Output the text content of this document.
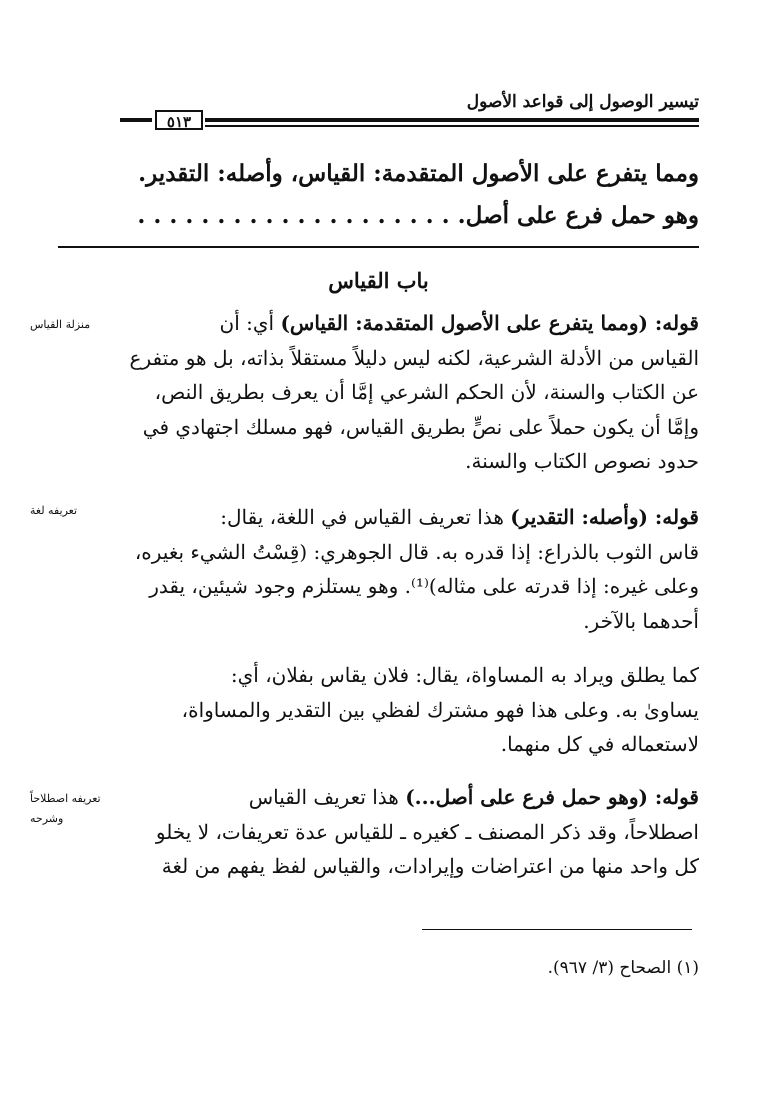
تيسير الوصول إلى قواعد الأصول
٥١٣
ومما يتفرع على الأصول المتقدمة: القياس، وأصله: التقدير.
وهو حمل فرع على أصل. . . . . . . . . . . . . . . . . . . . .
باب القياس
قوله: (ومما يتفرع على الأصول المتقدمة: القياس) أي: أن
القياس من الأدلة الشرعية، لكنه ليس دليلاً مستقلاً بذاته، بل هو متفرع
عن الكتاب والسنة، لأن الحكم الشرعي إمَّا أن يعرف بطريق النص،
وإمَّا أن يكون حملاً على نصٍّ بطريق القياس، فهو مسلك اجتهادي في
حدود نصوص الكتاب والسنة.
قوله: (وأصله: التقدير) هذا تعريف القياس في اللغة، يقال:
قاس الثوب بالذراع: إذا قدره به. قال الجوهري: (قِسْتُ الشيء بغيره،
وعلى غيره: إذا قدرته على مثاله)⁽¹⁾. وهو يستلزم وجود شيئين، يقدر
أحدهما بالآخر.
كما يطلق ويراد به المساواة، يقال: فلان يقاس بفلان، أي:
يساوىٰ به. وعلى هذا فهو مشترك لفظي بين التقدير والمساواة،
لاستعماله في كل منهما.
قوله: (وهو حمل فرع على أصل...) هذا تعريف القياس
اصطلاحاً، وقد ذكر المصنف ـ كغيره ـ للقياس عدة تعريفات، لا يخلو
كل واحد منها من اعتراضات وإيرادات، والقياس لفظ يفهم من لغة
منزلة القياس
تعريفه لغة
تعريفه اصطلاحاً
وشرحه
(١) الصحاح (٣/ ٩٦٧).
